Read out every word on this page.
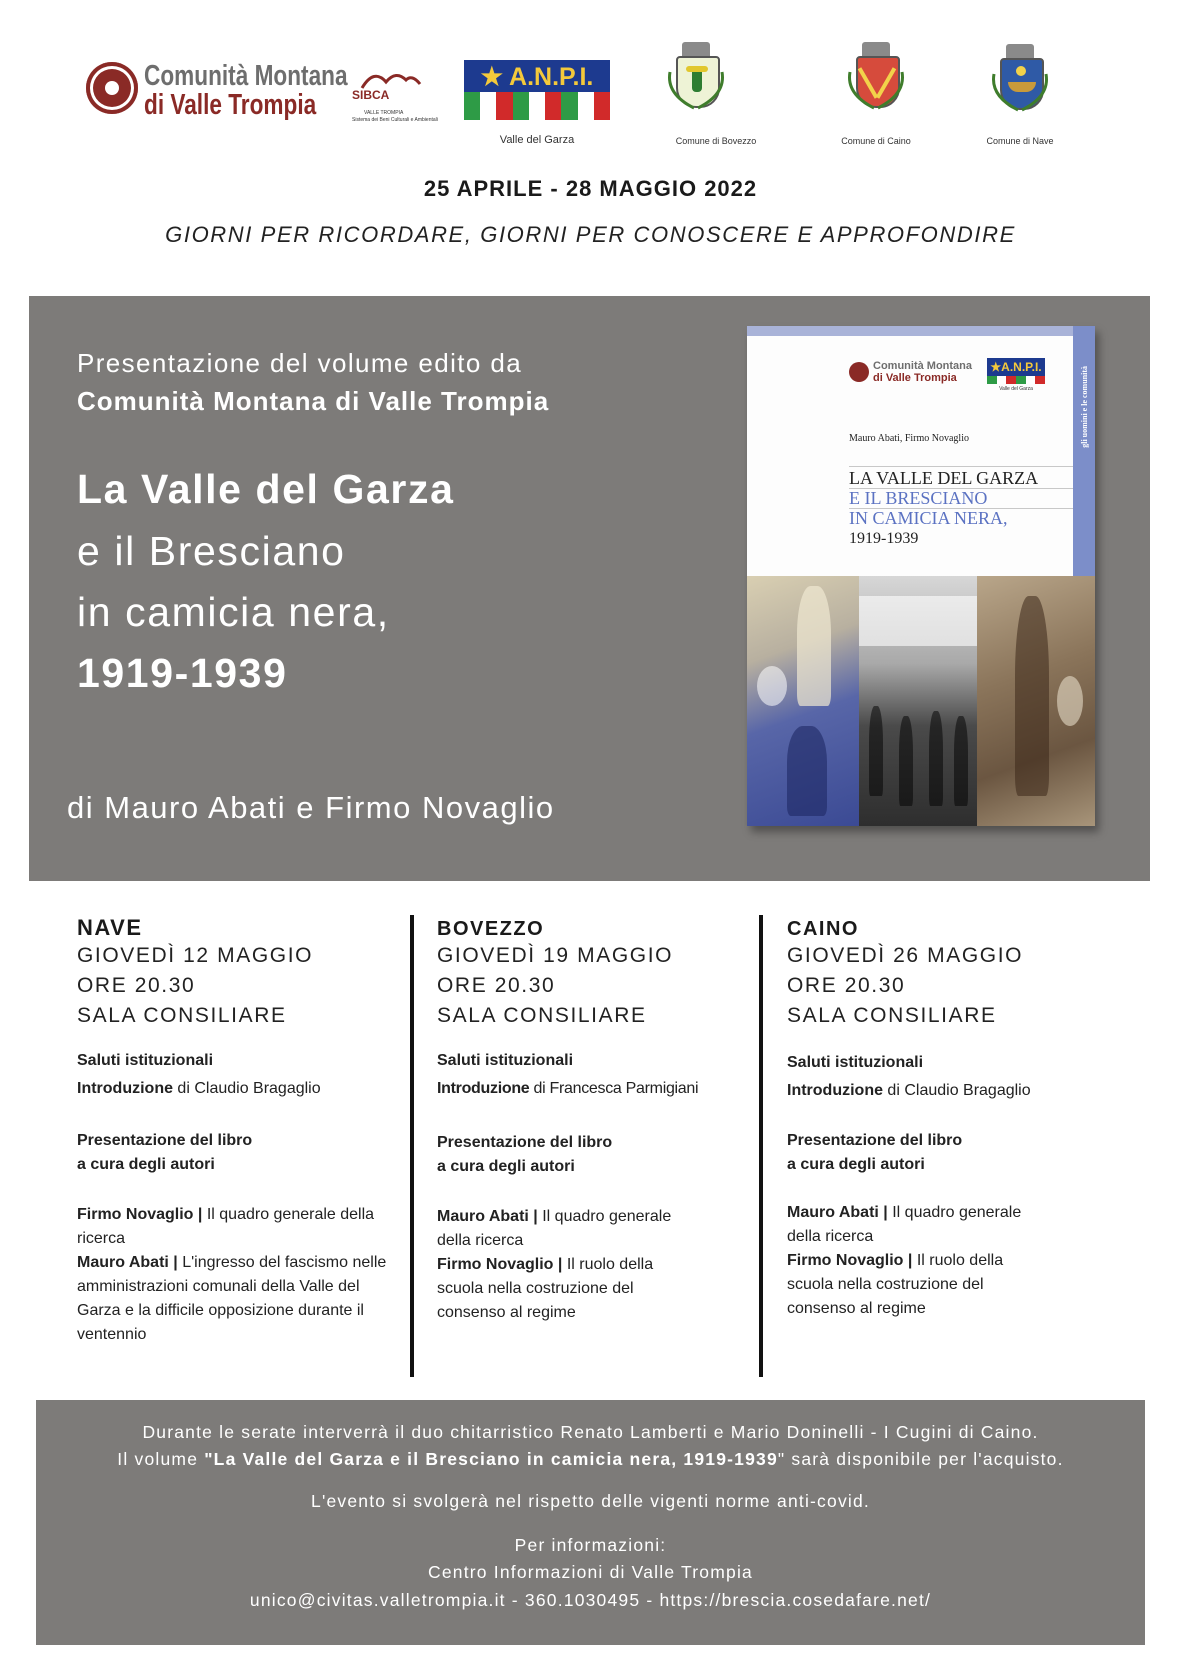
Comunità Montana
di Valle Trompia	SIBCA
VALLE TROMPIA
Sistema dei Beni Culturali e Ambientali
★ A.N.P.I.
Valle del Garza	Comune di Bovezzo	Comune di Caino	Comune di Nave
25 APRILE - 28 MAGGIO 2022
GIORNI PER RICORDARE, GIORNI PER CONOSCERE E APPROFONDIRE
Presentazione del volume edito da
Comunità Montana di Valle Trompia
La Valle del Garza
e il Bresciano
in camicia nera,
1919-1939
di Mauro Abati e Firmo Novaglio
gli uomini e le comunità
Comunità Montana
di Valle Trompia
★A.N.P.I.
Valle del Garza
Mauro Abati, Firmo Novaglio
LA VALLE DEL GARZA
E IL BRESCIANO
IN CAMICIA NERA,
1919-1939
NAVE
GIOVEDÌ 12 MAGGIO
ORE 20.30
SALA CONSILIARE
Saluti istituzionali
Introduzione di Claudio Bragaglio
Presentazione del libro
a cura degli autori
Firmo Novaglio | Il quadro generale della ricerca
Mauro Abati | L'ingresso del fascismo nelle amministrazioni comunali della Valle del Garza e la difficile opposizione durante il ventennio
BOVEZZO
GIOVEDÌ 19 MAGGIO
ORE 20.30
SALA CONSILIARE
Saluti istituzionali
Introduzione di Francesca Parmigiani
Presentazione del libro
a cura degli autori
Mauro Abati | Il quadro generale della ricerca
Firmo Novaglio | Il ruolo della scuola nella costruzione del consenso al regime
CAINO
GIOVEDÌ 26 MAGGIO
ORE 20.30
SALA CONSILIARE
Saluti istituzionali
Introduzione di Claudio Bragaglio
Presentazione del libro
a cura degli autori
Mauro Abati | Il quadro generale della ricerca
Firmo Novaglio | Il ruolo della scuola nella costruzione del consenso al regime
Durante le serate interverrà il duo chitarristico Renato Lamberti e Mario Doninelli - I Cugini di Caino.
Il volume "La Valle del Garza e il Bresciano in camicia nera, 1919-1939" sarà disponibile per l'acquisto.
L'evento si svolgerà nel rispetto delle vigenti norme anti-covid.
Per informazioni:
Centro Informazioni di Valle Trompia
unico@civitas.valletrompia.it - 360.1030495 - https://brescia.cosedafare.net/
